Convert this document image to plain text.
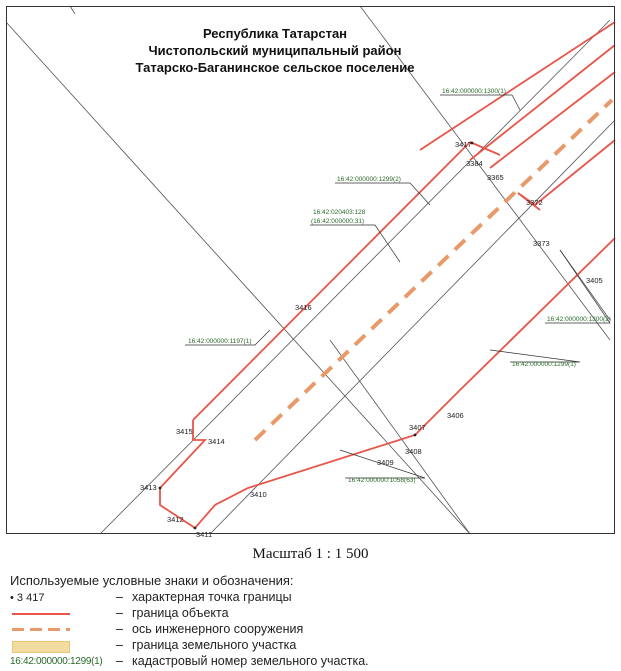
3417
3384
3365
3372
3373
3405
3416
3415
3414
3413
3412
3411
3410
3409
3408
3407
3406
16:42:000000:1300(1)
16:42:000000:1299(2)
16:42:020403:128
(16:42:000000:31)
16:42:000000:1300(2)
16:42:000000:1197(1)
16:42:000000:1299(1)
16:42:000000:1058(63)
Республика Татарстан
Чистопольский муниципальный район
Татарско-Баганинское сельское поселение
Масштаб 1 : 1 500
Используемые условные знаки и обозначения:
• 3 417	– характерная точка границы
– граница объекта
– ось инженерного сооружения
– граница земельного участка
16:42:000000:1299(1) – кадастровый номер земельного участка.
